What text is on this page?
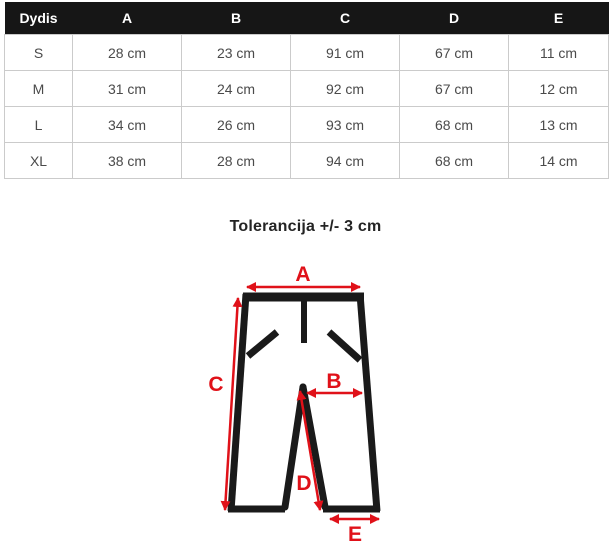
Dydis	A	B	C	D	E
S	28 cm	23 cm	91 cm	67 cm	11 cm
M	31 cm	24 cm	92 cm	67 cm	12 cm
L	34 cm	26 cm	93 cm	68 cm	13 cm
XL	38 cm	28 cm	94 cm	68 cm	14 cm
Tolerancija +/- 3 cm
A
B
C
D
E
